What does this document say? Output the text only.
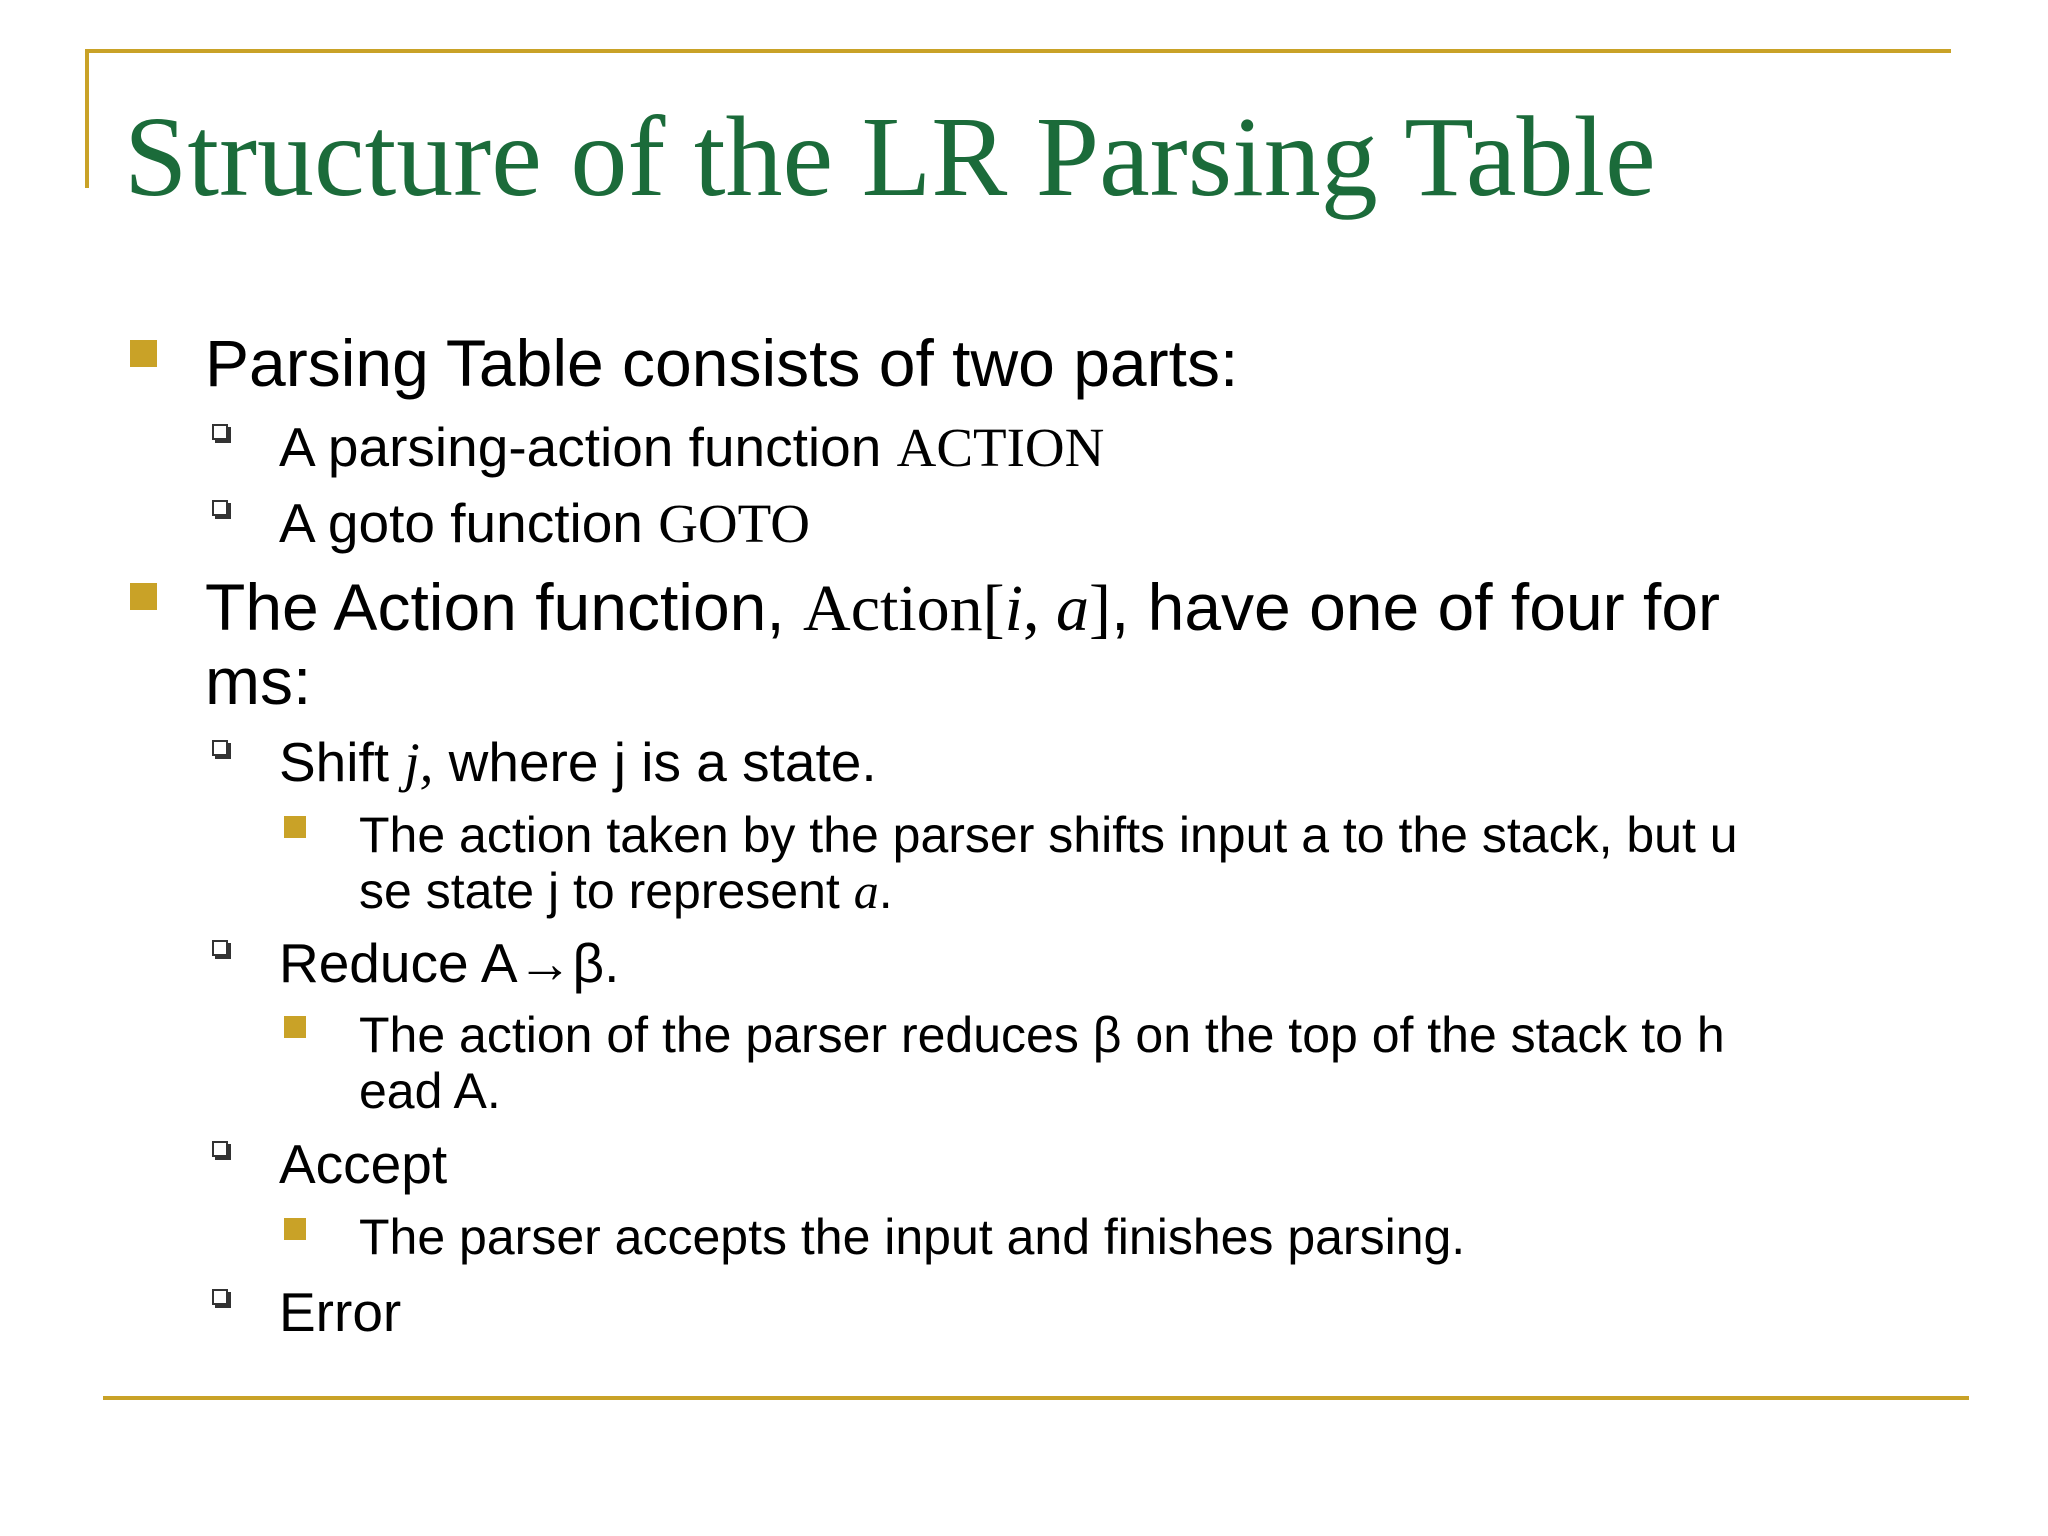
Structure of the LR Parsing Table
Parsing Table consists of two parts:
A parsing-action function ACTION
A goto function GOTO
The Action function, Action[i, a], have one of four for
ms:
Shift j, where j is a state.
The action taken by the parser shifts input a to the stack, but u
se state j to represent a.
Reduce A→β.
The action of the parser reduces β on the top of the stack to h
ead A.
Accept
The parser accepts the input and finishes parsing.
Error
